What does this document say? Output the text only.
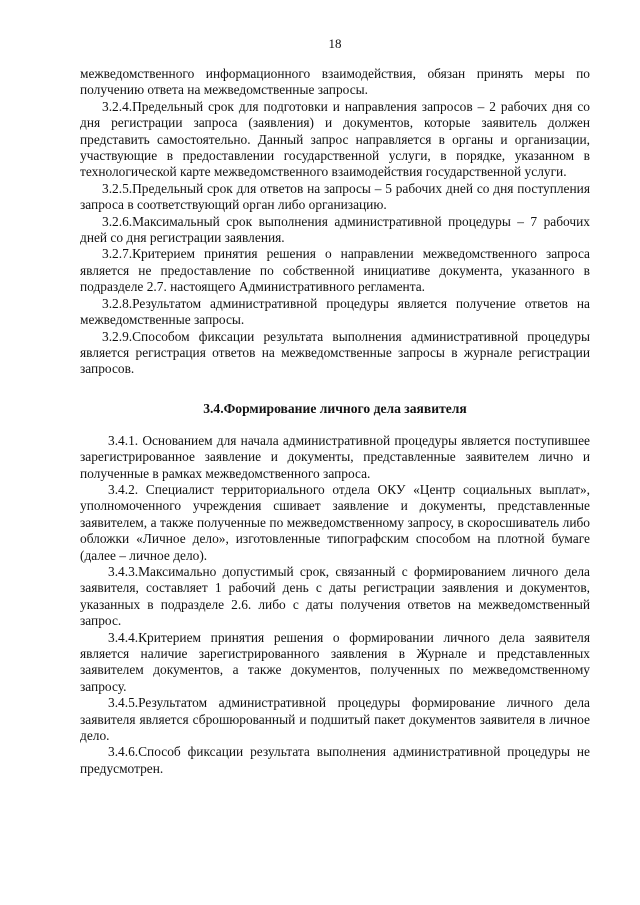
18

межведомственного информационного взаимодействия, обязан принять меры по получению ответа на межведомственные запросы.

3.2.4.Предельный срок для подготовки и направления запросов – 2 рабочих дня со дня регистрации запроса (заявления) и документов, которые заявитель должен представить самостоятельно. Данный запрос направляется в органы и организации, участвующие в предоставлении государственной услуги, в порядке, указанном в технологической карте межведомственного взаимодействия государственной услуги.

3.2.5.Предельный срок для ответов на запросы – 5 рабочих дней со дня поступления запроса в соответствующий орган либо организацию.

3.2.6.Максимальный срок выполнения административной процедуры – 7 рабочих дней со дня регистрации заявления.

3.2.7.Критерием принятия решения о направлении межведомственного запроса является не предоставление по собственной инициативе документа, указанного в подразделе 2.7. настоящего Административного регламента.

3.2.8.Результатом административной процедуры является получение ответов на межведомственные запросы.

3.2.9.Способом фиксации результата выполнения административной процедуры является регистрация ответов на межведомственные запросы в журнале регистрации запросов.

3.4.Формирование личного дела заявителя

3.4.1. Основанием для начала административной процедуры является поступившее зарегистрированное заявление и документы, представленные заявителем лично и полученные в рамках межведомственного запроса.

3.4.2. Специалист территориального отдела ОКУ «Центр социальных выплат», уполномоченного учреждения сшивает заявление и документы, представленные заявителем, а также полученные по межведомственному запросу, в скоросшиватель либо обложки «Личное дело», изготовленные типографским способом на плотной бумаге (далее – личное дело).

3.4.3.Максимально допустимый срок, связанный с формированием личного дела заявителя, составляет 1 рабочий день с даты регистрации заявления и документов, указанных в подразделе 2.6. либо с даты получения ответов на межведомственный запрос.

3.4.4.Критерием принятия решения о формировании личного дела заявителя является наличие зарегистрированного заявления в Журнале и представленных заявителем документов, а также документов, полученных по межведомственному запросу.

3.4.5.Результатом административной процедуры формирование личного дела заявителя является сброшюрованный и подшитый пакет документов заявителя в личное дело.

3.4.6.Способ фиксации результата выполнения административной процедуры не предусмотрен.
